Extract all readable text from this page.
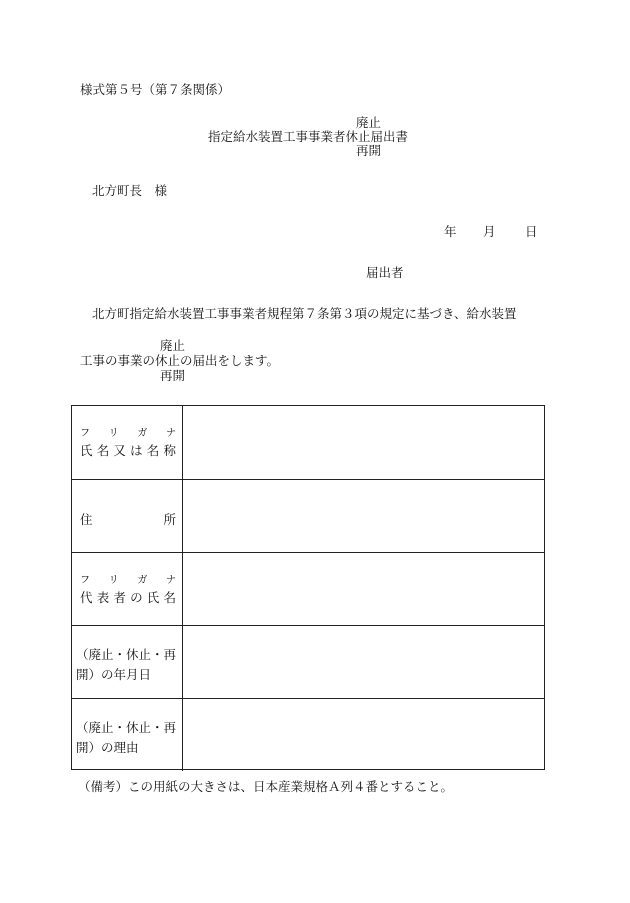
様式第５号（第７条関係）
廃止
指定給水装置工事事業者休止届出書
再開
北方町長　様
年 月 日
届出者
北方町指定給水装置工事事業者規程第７条第３項の規定に基づき、給水装置
廃止
工事の事業の休止の届出をします。
再開
フ リ ガ ナ
氏 名 又 は 名 称
住	所
フ リ ガ ナ
代 表 者 の 氏 名
（廃止・休止・再
開）の年月日
（廃止・休止・再
開）の理由
（備考）この用紙の大きさは、日本産業規格Ａ列４番とすること。
